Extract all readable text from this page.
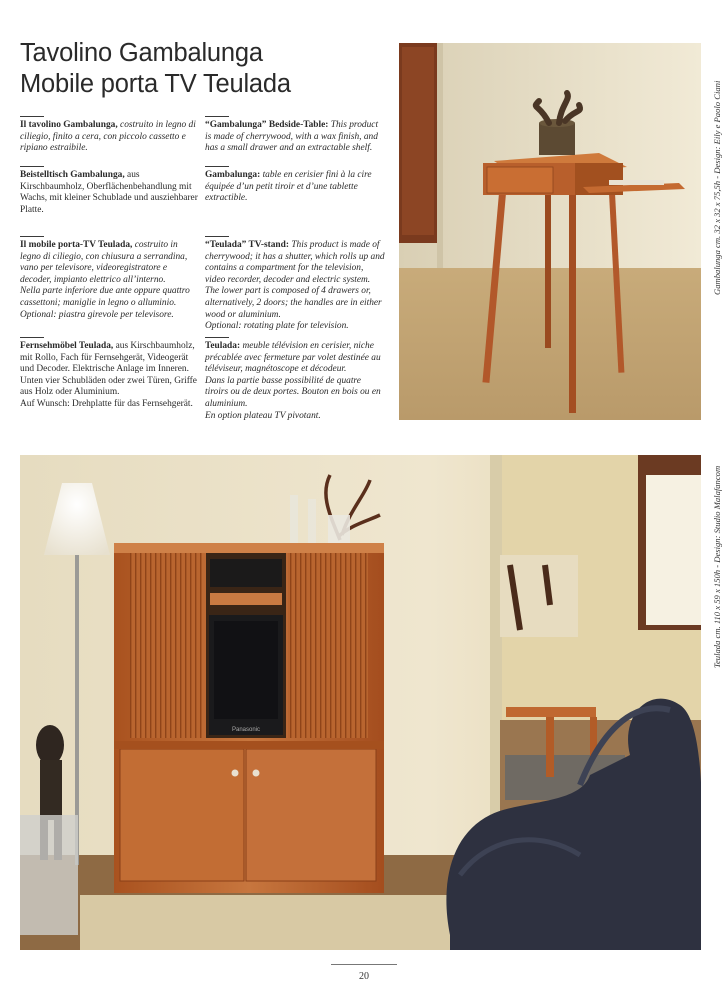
Tavolino Gambalunga
Mobile porta TV Teulada

Il tavolino Gambalunga, costruito in legno di ciliegio, finito a cera, con piccolo cassetto e ripiano estraibile.

Beistelltisch Gambalunga, aus Kirschbaumholz, Oberflächenbehandlung mit Wachs, mit kleiner Schublade und ausziehbarer Platte.

“Gambalunga” Bedside-Table: This product is made of cherrywood, with a wax finish, and has a small drawer and an extractable shelf.

Gambalunga: table en cerisier fini à la cire équipée d’un petit tiroir et d’une tablette extractible.

Il mobile porta-TV Teulada, costruito in legno di ciliegio, con chiusura a serrandina, vano per televisore, videoregistratore e decoder, impianto elettrico all’interno.

Nella parte inferiore due ante oppure quattro cassettoni; maniglie in legno o alluminio.

Optional: piastra girevole per televisore.

Fernsehmöbel Teulada, aus Kirschbaumholz, mit Rollo, Fach für Fernsehgerät, Videogerät und Decoder. Elektrische Anlage im Inneren. Unten vier Schubläden oder zwei Türen, Griffe aus Holz oder Aluminium.

Auf Wunsch: Drehplatte für das Fernsehgerät.

“Teulada” TV-stand: This product is made of cherrywood; it has a shutter, which rolls up and contains a compartment for the television, video recorder, decoder and electric system. The lower part is composed of 4 drawers or, alternatively, 2 doors; the handles are in either wood or aluminium.

Optional: rotating plate for television.

Teulada: meuble télévision en cerisier, niche précablée avec fermeture par volet destinée au téléviseur, magnétoscope et décodeur.

Dans la partie basse possibilité de quatre tiroirs ou de deux portes. Bouton en bois ou en aluminium.

En option plateau TV pivotant.

Gambalunga cm. 32 x 32 x 75,5h - Design: Eily e Paolo Ciani
Panasonic
Teulada cm. 110 x 59 x 150h - Design: Studio Malafancom
20
